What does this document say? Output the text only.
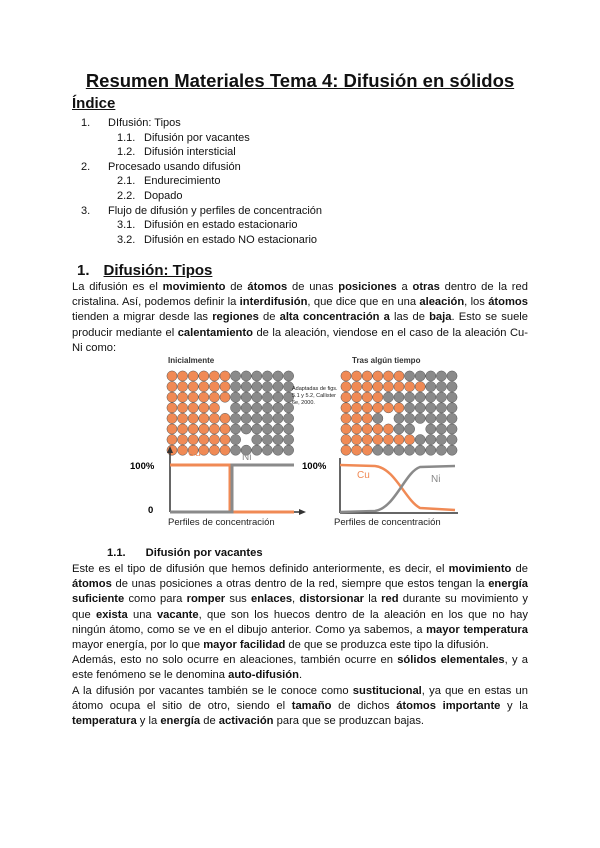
Resumen Materiales Tema 4: Difusión en sólidos
Índice
1. DIfusión: Tipos
1.1. Difusión por vacantes
1.2. Difusión intersticial
2. Procesado usando difusión
2.1. Endurecimiento
2.2. Dopado
3. Flujo de difusión y perfiles de concentración
3.1. Difusión en estado estacionario
3.2. Difusión en estado NO estacionario
1. Difusión: Tipos
La difusión es el movimiento de átomos de unas posiciones a otras dentro de la red cristalina. Así, podemos definir la interdifusión, que dice que en una aleación, los átomos tienden a migrar desde las regiones de alta concentración a las de baja. Esto se suele producir mediante el calentamiento de la aleación, viendose en el caso de la aleación Cu-Ni como:
Inicialmente	Tras algún tiempo
Adaptadas de figs. 5.1 y 5.2, Callister 6e, 2000.
Cu	Ni
100%
0
100%
Cu	Ni
Perfiles de concentración	Perfiles de concentración
1.1. Difusión por vacantes
Este es el tipo de difusión que hemos definido anteriormente, es decir, el movimiento de átomos de unas posiciones a otras dentro de la red, siempre que estos tengan la energía suficiente como para romper sus enlaces, distorsionar la red durante su movimiento y que exista una vacante, que son los huecos dentro de la aleación en los que no hay ningún átomo, como se ve en el dibujo anterior. Como ya sabemos, a mayor temperatura mayor energía, por lo que mayor facilidad de que se produzca este tipo la difusión.
Además, esto no solo ocurre en aleaciones, también ocurre en sólidos elementales, y a este fenómeno se le denomina auto-difusión.
A la difusión por vacantes también se le conoce como sustitucional, ya que en estas un átomo ocupa el sitio de otro, siendo el tamaño de dichos átomos importante y la temperatura y la energía de activación para que se produzcan bajas.
